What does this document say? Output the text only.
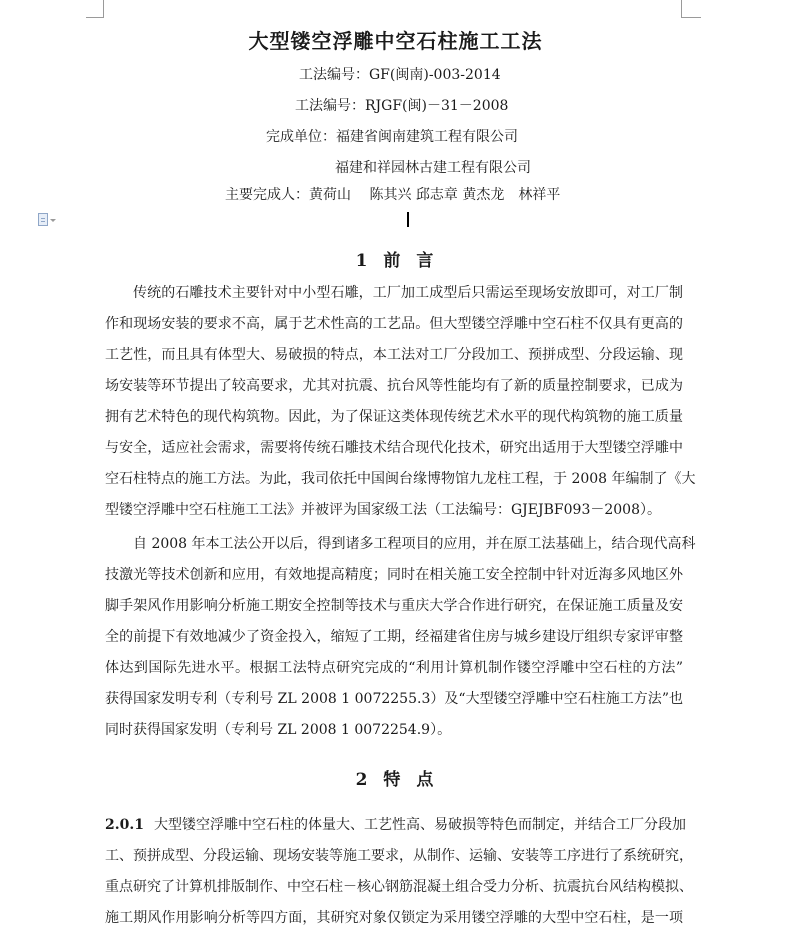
大型镂空浮雕中空石柱施工工法
工法编号：GF(闽南)-003-2014
工法编号：RJGF(闽)－31－2008
完成单位：福建省闽南建筑工程有限公司
福建和祥园林古建工程有限公司
主要完成人：黄荷山　 陈其兴 邱志章 黄杰龙　林祥平
1 前 言
传统的石雕技术主要针对中小型石雕，工厂加工成型后只需运至现场安放即可，对工厂制
作和现场安装的要求不高，属于艺术性高的工艺品。但大型镂空浮雕中空石柱不仅具有更高的
工艺性，而且具有体型大、易破损的特点，本工法对工厂分段加工、预拼成型、分段运输、现
场安装等环节提出了较高要求，尤其对抗震、抗台风等性能均有了新的质量控制要求，已成为
拥有艺术特色的现代构筑物。因此，为了保证这类体现传统艺术水平的现代构筑物的施工质量
与安全，适应社会需求，需要将传统石雕技术结合现代化技术，研究出适用于大型镂空浮雕中
空石柱特点的施工方法。为此，我司依托中国闽台缘博物馆九龙柱工程，于 2008 年编制了《大
型镂空浮雕中空石柱施工工法》并被评为国家级工法（工法编号：GJEJBF093－2008）。
自 2008 年本工法公开以后，得到诸多工程项目的应用，并在原工法基础上，结合现代高科
技激光等技术创新和应用，有效地提高精度；同时在相关施工安全控制中针对近海多风地区外
脚手架风作用影响分析施工期安全控制等技术与重庆大学合作进行研究，在保证施工质量及安
全的前提下有效地减少了资金投入，缩短了工期，经福建省住房与城乡建设厅组织专家评审整
体达到国际先进水平。根据工法特点研究完成的“利用计算机制作镂空浮雕中空石柱的方法”
获得国家发明专利（专利号 ZL 2008 1 0072255.3）及“大型镂空浮雕中空石柱施工方法”也
同时获得国家发明（专利号 ZL 2008 1 0072254.9）。
2 特 点
2.0.1 大型镂空浮雕中空石柱的体量大、工艺性高、易破损等特色而制定，并结合工厂分段加
工、预拼成型、分段运输、现场安装等施工要求，从制作、运输、安装等工序进行了系统研究，
重点研究了计算机排版制作、中空石柱－核心钢筋混凝土组合受力分析、抗震抗台风结构模拟、
施工期风作用影响分析等四方面，其研究对象仅锁定为采用镂空浮雕的大型中空石柱，是一项
